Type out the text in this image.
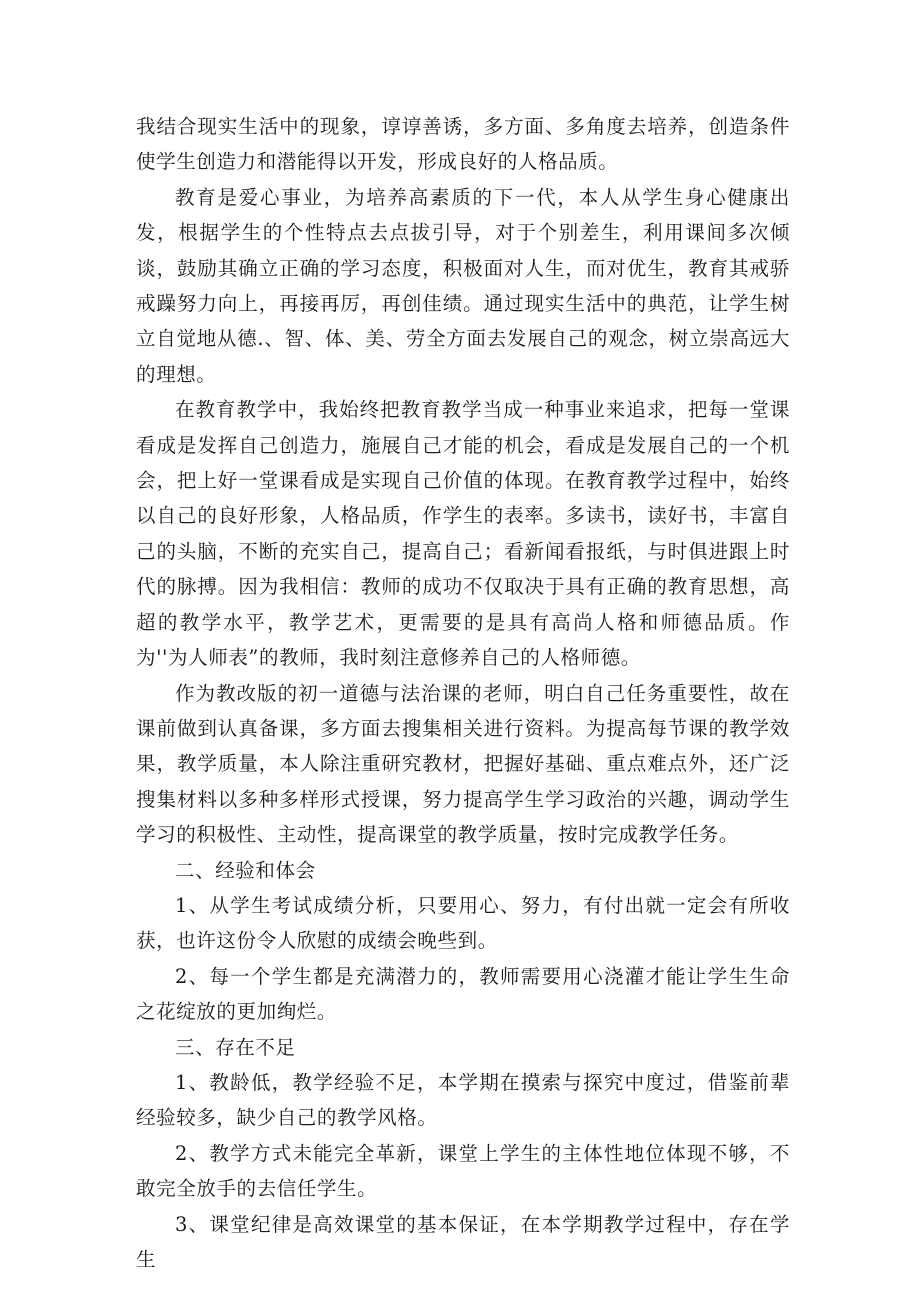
我结合现实生活中的现象，谆谆善诱，多方面、多角度去培养，创造条件使学生创造力和潜能得以开发，形成良好的人格品质。

教育是爱心事业，为培养高素质的下一代，本人从学生身心健康出发，根据学生的个性特点去点拔引导，对于个别差生，利用课间多次倾谈，鼓励其确立正确的学习态度，积极面对人生，而对优生，教育其戒骄戒躁努力向上，再接再厉，再创佳绩。通过现实生活中的典范，让学生树立自觉地从德.、智、体、美、劳全方面去发展自己的观念，树立崇高远大的理想。

在教育教学中，我始终把教育教学当成一种事业来追求，把每一堂课看成是发挥自己创造力，施展自己才能的机会，看成是发展自己的一个机会，把上好一堂课看成是实现自己价值的体现。在教育教学过程中，始终以自己的良好形象，人格品质，作学生的表率。多读书，读好书，丰富自己的头脑，不断的充实自己，提高自己；看新闻看报纸，与时俱进跟上时代的脉搏。因为我相信：教师的成功不仅取决于具有正确的教育思想，高超的教学水平，教学艺术，更需要的是具有高尚人格和师德品质。作为''为人师表”的教师，我时刻注意修养自己的人格师德。

作为教改版的初一道德与法治课的老师，明白自己任务重要性，故在课前做到认真备课，多方面去搜集相关进行资料。为提高每节课的教学效果，教学质量，本人除注重研究教材，把握好基础、重点难点外，还广泛搜集材料以多种多样形式授课，努力提高学生学习政治的兴趣，调动学生学习的积极性、主动性，提高课堂的教学质量，按时完成教学任务。

二、经验和体会

1、从学生考试成绩分析，只要用心、努力，有付出就一定会有所收获，也许这份令人欣慰的成绩会晚些到。

2、每一个学生都是充满潜力的，教师需要用心浇灌才能让学生生命之花绽放的更加绚烂。

三、存在不足

1、教龄低，教学经验不足，本学期在摸索与探究中度过，借鉴前辈经验较多，缺少自己的教学风格。

2、教学方式未能完全革新，课堂上学生的主体性地位体现不够，不敢完全放手的去信任学生。

3、课堂纪律是高效课堂的基本保证，在本学期教学过程中，存在学生
